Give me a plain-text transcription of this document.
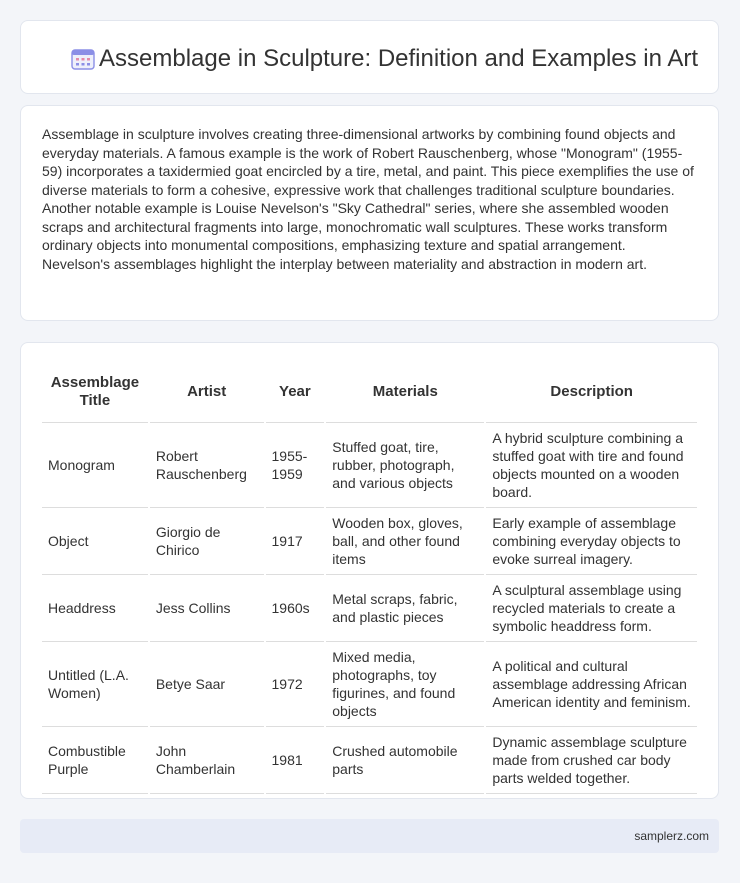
Assemblage in Sculpture: Definition and Examples in Art

Assemblage in sculpture involves creating three-dimensional artworks by combining found objects and everyday materials. A famous example is the work of Robert Rauschenberg, whose "Monogram" (1955-59) incorporates a taxidermied goat encircled by a tire, metal, and paint. This piece exemplifies the use of diverse materials to form a cohesive, expressive work that challenges traditional sculpture boundaries. Another notable example is Louise Nevelson's "Sky Cathedral" series, where she assembled wooden scraps and architectural fragments into large, monochromatic wall sculptures. These works transform ordinary objects into monumental compositions, emphasizing texture and spatial arrangement. Nevelson's assemblages highlight the interplay between materiality and abstraction in modern art.

Assemblage Title	Artist	Year	Materials	Description
Monogram	Robert Rauschenberg	1955-1959	Stuffed goat, tire, rubber, photograph, and various objects	A hybrid sculpture combining a stuffed goat with tire and found objects mounted on a wooden board.
Object	Giorgio de Chirico	1917	Wooden box, gloves, ball, and other found items	Early example of assemblage combining everyday objects to evoke surreal imagery.
Headdress	Jess Collins	1960s	Metal scraps, fabric, and plastic pieces	A sculptural assemblage using recycled materials to create a symbolic headdress form.
Untitled (L.A. Women)	Betye Saar	1972	Mixed media, photographs, toy figurines, and found objects	A political and cultural assemblage addressing African American identity and feminism.
Combustible Purple	John Chamberlain	1981	Crushed automobile parts	Dynamic assemblage sculpture made from crushed car body parts welded together.
samplerz.com
